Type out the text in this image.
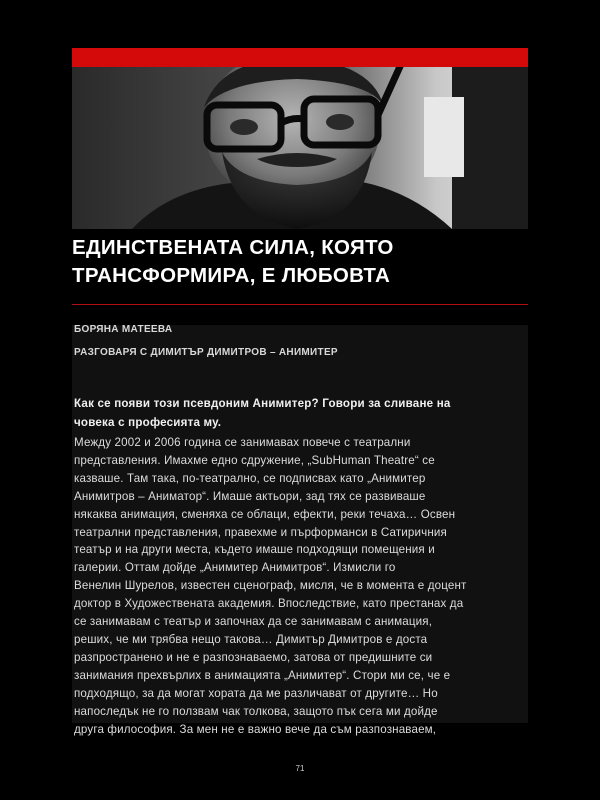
ЕДИНСТВЕНАТА СИЛА, КОЯТО
ТРАНСФОРМИРА, Е ЛЮБОВТА
БОРЯНА МАТЕЕВА
РАЗГОВАРЯ С ДИМИТЪР ДИМИТРОВ – АНИМИТЕР

Как се появи този псевдоним Анимитер? Говори за сливане на
човека с професията му.

Между 2002 и 2006 година се занимавах повече с театрални
представления. Имахме едно сдружение, „SubHuman Theatre“ се
казваше. Там така, по-театрално, се подписвах като „Анимитер
Анимитров – Аниматор“. Имаше актьори, зад тях се развиваше
някаква анимация, сменяха се облаци, ефекти, реки течаха… Освен
театрални представления, правехме и пърформанси в Сатиричния
театър и на други места, където имаше подходящи помещения и
галерии. Оттам дойде „Анимитер Анимитров“. Измисли го
Венелин Шурелов, известен сценограф, мисля, че в момента е доцент
доктор в Художествената академия. Впоследствие, като престанах да
се занимавам с театър и започнах да се занимавам с анимация,
реших, че ми трябва нещо такова… Димитър Димитров е доста
разпространено и не е разпознаваемо, затова от предишните си
занимания прехвърлих в анимацията „Анимитер“. Стори ми се, че е
подходящо, за да могат хората да ме различават от другите… Но
напоследък не го ползвам чак толкова, защото пък сега ми дойде
друга философия. За мен не е важно вече да съм разпознаваем,

71
